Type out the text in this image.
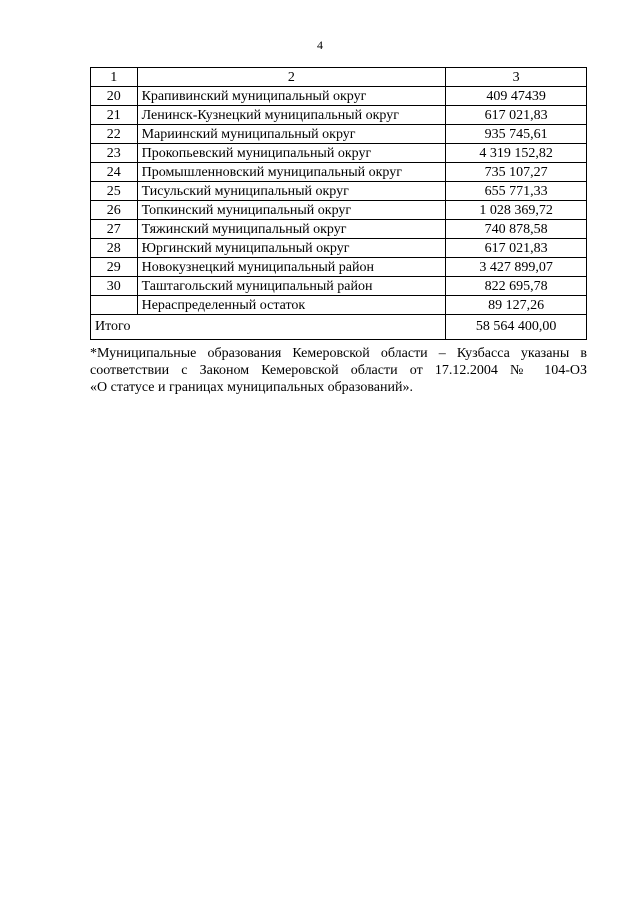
4
1	2	3
20	Крапивинский муниципальный округ	409 47439
21	Ленинск-Кузнецкий муниципальный округ	617 021,83
22	Мариинский муниципальный округ	935 745,61
23	Прокопьевский муниципальный округ	4 319 152,82
24	Промышленновский муниципальный округ	735 107,27
25	Тисульский муниципальный округ	655 771,33
26	Топкинский муниципальный округ	1 028 369,72
27	Тяжинский муниципальный округ	740 878,58
28	Юргинский муниципальный округ	617 021,83
29	Новокузнецкий муниципальный район	3 427 899,07
30	Таштагольский муниципальный район	822 695,78
	Нераспределенный остаток	89 127,26
Итого		58 564 400,00
*Муниципальные образования Кемеровской области – Кузбасса указаны в
соответствии с Законом Кемеровской области от 17.12.2004 № 104-ОЗ
«О статусе и границах муниципальных образований».
